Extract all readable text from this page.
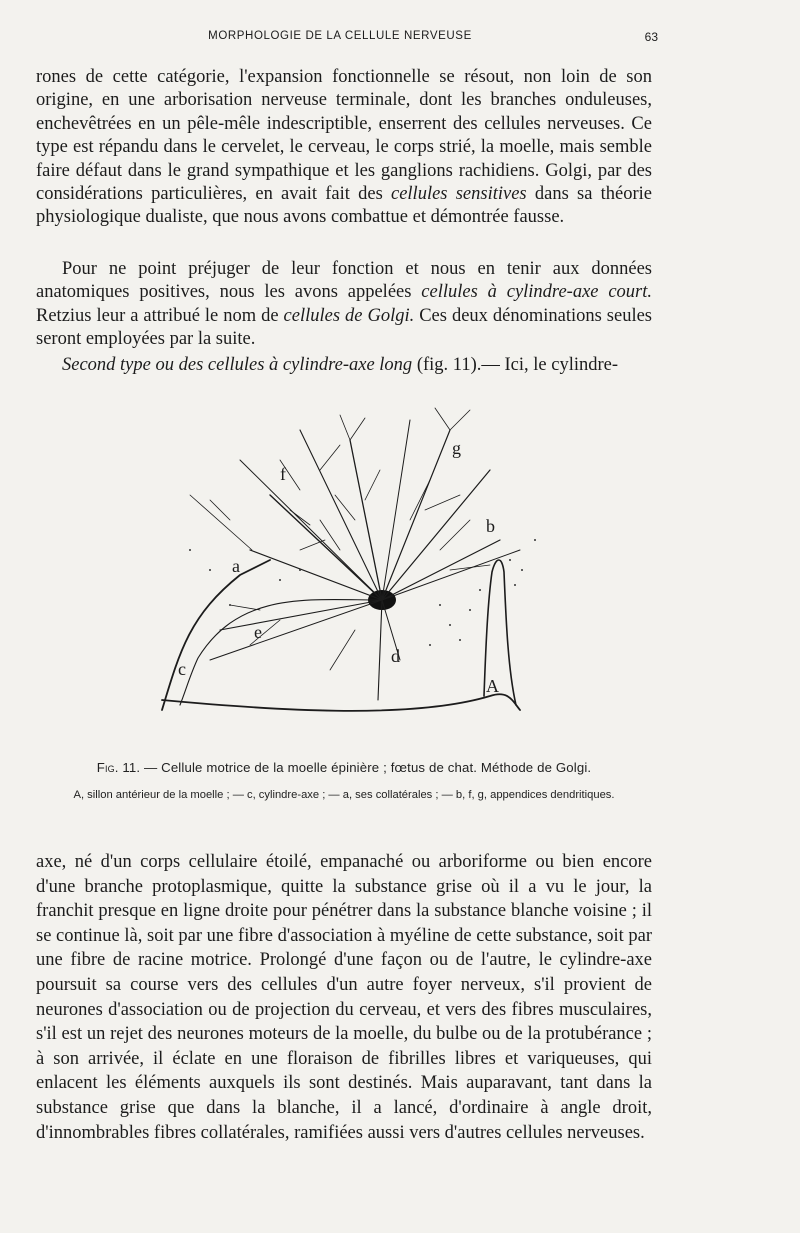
MORPHOLOGIE DE LA CELLULE NERVEUSE	63

rones de cette catégorie, l'expansion fonctionnelle se résout, non loin de son origine, en une arborisation nerveuse terminale, dont les branches onduleuses, enchevêtrées en un pêle-mêle indescriptible, enserrent des cellules nerveuses. Ce type est répandu dans le cervelet, le cerveau, le corps strié, la moelle, mais semble faire défaut dans le grand sympathique et les ganglions rachidiens. Golgi, par des considérations particulières, en avait fait des cellules sensitives dans sa théorie physiologique dualiste, que nous avons combattue et démontrée fausse.

Pour ne point préjuger de leur fonction et nous en tenir aux données anatomiques positives, nous les avons appelées cellules à cylindre-axe court. Retzius leur a attribué le nom de cellules de Golgi. Ces deux dénominations seules seront employées par la suite.

Second type ou des cellules à cylindre-axe long (fig. 11).— Ici, le cylindre-

a
b
c
d
e
f
g
A
Fig. 11. — Cellule motrice de la moelle épinière ; fœtus de chat. Méthode de Golgi.
A, sillon antérieur de la moelle ; — c, cylindre-axe ; — a, ses collatérales ; — b, f, g, appendices dendritiques.

axe, né d'un corps cellulaire étoilé, empanaché ou arboriforme ou bien encore d'une branche protoplasmique, quitte la substance grise où il a vu le jour, la franchit presque en ligne droite pour pénétrer dans la substance blanche voisine ; il se continue là, soit par une fibre d'association à myéline de cette substance, soit par une fibre de racine motrice. Prolongé d'une façon ou de l'autre, le cylindre-axe poursuit sa course vers des cellules d'un autre foyer nerveux, s'il provient de neurones d'association ou de projection du cerveau, et vers des fibres musculaires, s'il est un rejet des neurones moteurs de la moelle, du bulbe ou de la protubérance ; à son arrivée, il éclate en une floraison de fibrilles libres et variqueuses, qui enlacent les éléments auxquels ils sont destinés. Mais auparavant, tant dans la substance grise que dans la blanche, il a lancé, d'ordinaire à angle droit, d'innombrables fibres collatérales, ramifiées aussi vers d'autres cellules nerveuses.
